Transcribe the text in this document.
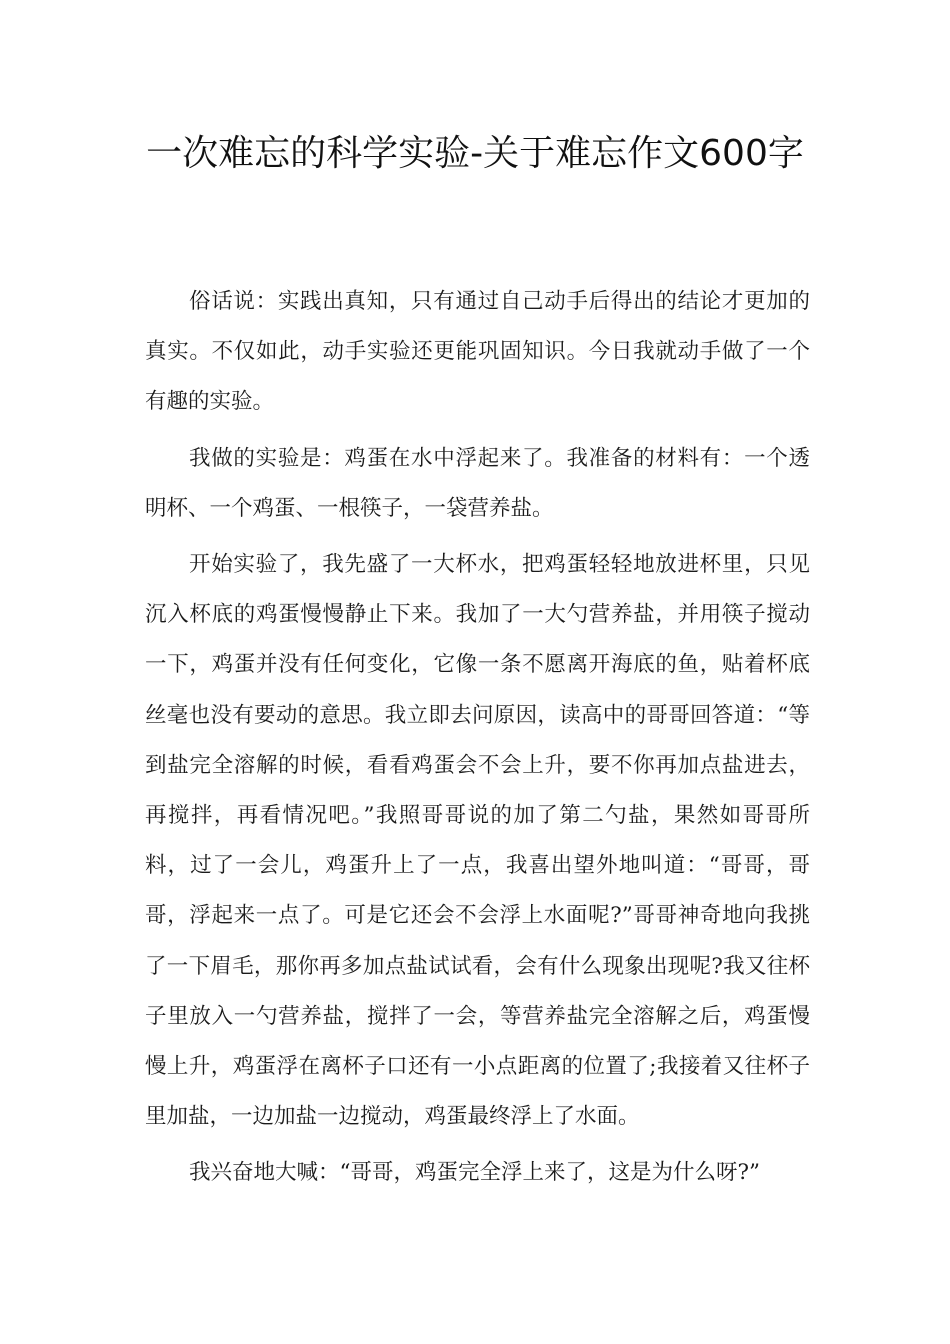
一次难忘的科学实验-关于难忘作文600字

俗话说：实践出真知，只有通过自己动手后得出的结论才更加的真实。不仅如此，动手实验还更能巩固知识。今日我就动手做了一个有趣的实验。

我做的实验是：鸡蛋在水中浮起来了。我准备的材料有：一个透明杯、一个鸡蛋、一根筷子，一袋营养盐。

开始实验了，我先盛了一大杯水，把鸡蛋轻轻地放进杯里，只见沉入杯底的鸡蛋慢慢静止下来。我加了一大勺营养盐，并用筷子搅动一下，鸡蛋并没有任何变化，它像一条不愿离开海底的鱼，贴着杯底丝毫也没有要动的意思。我立即去问原因，读高中的哥哥回答道：“等到盐完全溶解的时候，看看鸡蛋会不会上升，要不你再加点盐进去，再搅拌，再看情况吧。”我照哥哥说的加了第二勺盐，果然如哥哥所料，过了一会儿，鸡蛋升上了一点，我喜出望外地叫道：“哥哥，哥哥，浮起来一点了。可是它还会不会浮上水面呢?”哥哥神奇地向我挑了一下眉毛，那你再多加点盐试试看，会有什么现象出现呢?我又往杯子里放入一勺营养盐，搅拌了一会，等营养盐完全溶解之后，鸡蛋慢慢上升，鸡蛋浮在离杯子口还有一小点距离的位置了;我接着又往杯子里加盐，一边加盐一边搅动，鸡蛋最终浮上了水面。

我兴奋地大喊：“哥哥，鸡蛋完全浮上来了，这是为什么呀?”
